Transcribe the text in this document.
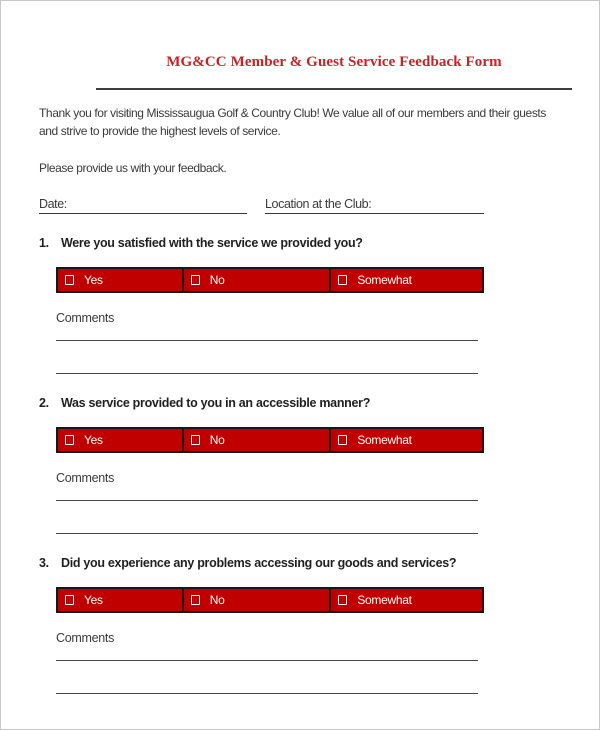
MG&CC Member & Guest Service Feedback Form

Thank you for visiting Mississaugua Golf & Country Club! We value all of our members and their guests and strive to provide the highest levels of service.

Please provide us with your feedback.

Date:	Location at the Club:
1. Were you satisfied with the service we provided you?
Yes	No	Somewhat
Comments
2. Was service provided to you in an accessible manner?
Yes	No	Somewhat
Comments
3. Did you experience any problems accessing our goods and services?
Yes	No	Somewhat
Comments
